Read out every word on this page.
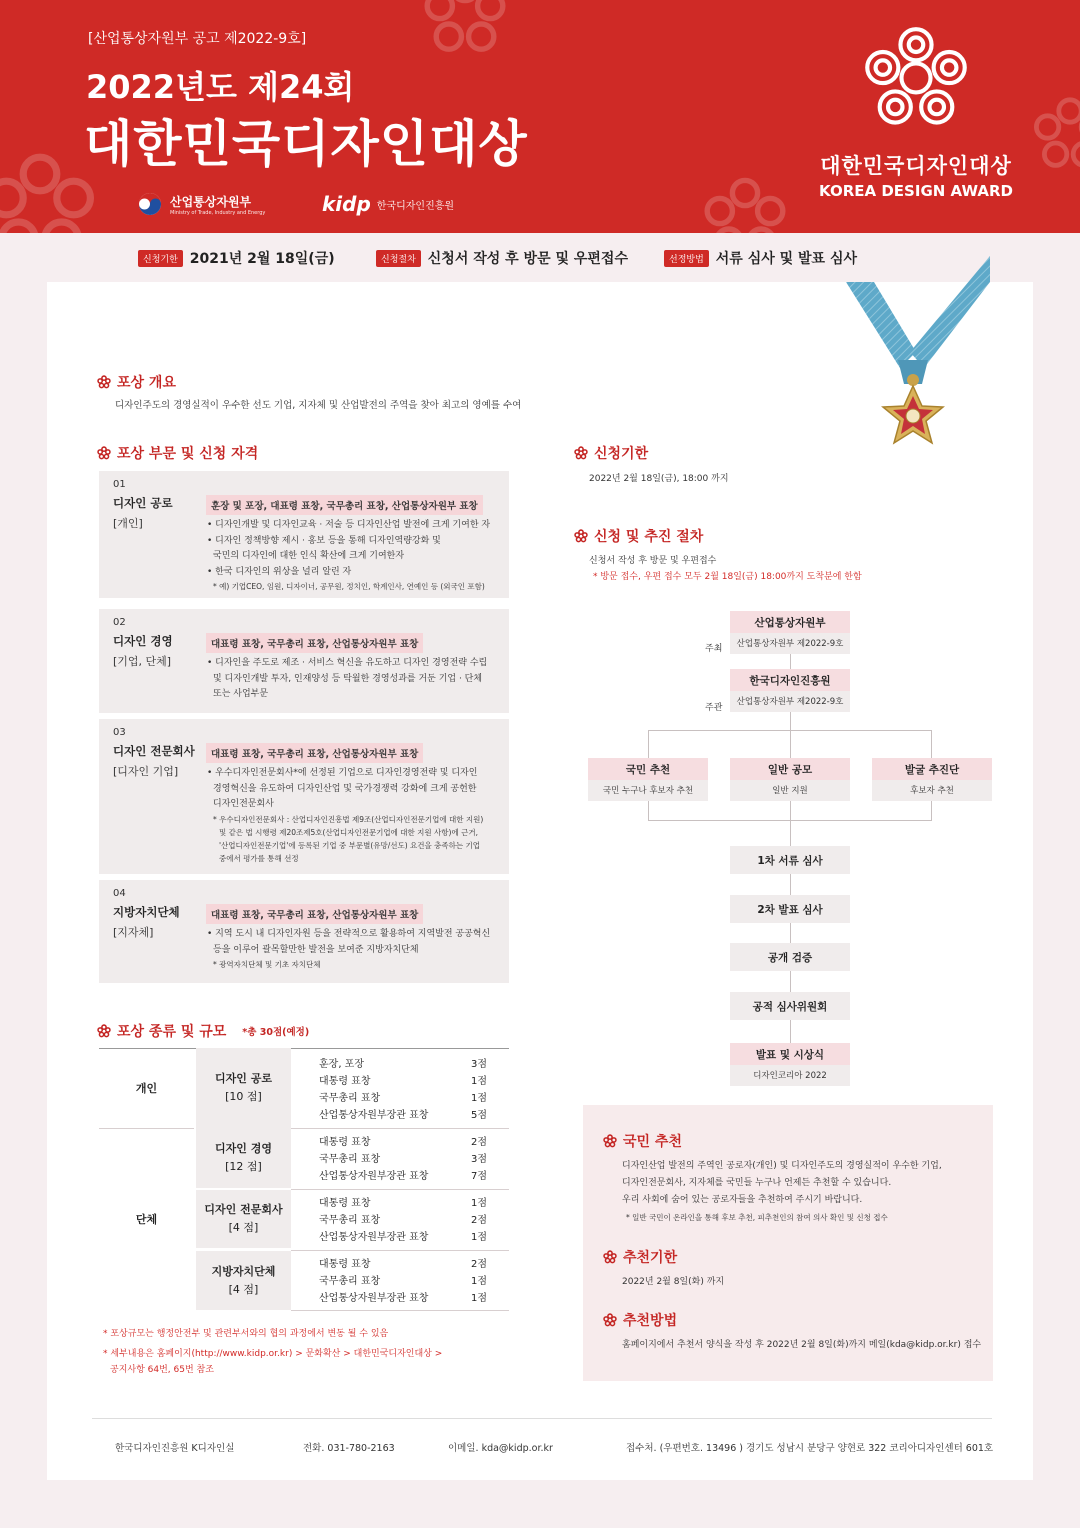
[산업통상자원부 공고 제2022-9호]
2022년도 제24회
대한민국디자인대상
산업통상자원부
Ministry of Trade, Industry and Energy	kidp 한국디자인진흥원
대한민국디자인대상
KOREA DESIGN AWARD
신청기한 2021년 2월 18일(금)	신청절차 신청서 작성 후 방문 및 우편접수	선정방법 서류 심사 및 발표 심사
포상 개요
디자인주도의 경영실적이 우수한 선도 기업, 지자체 및 산업발전의 주역을 찾아 최고의 영예를 수여
포상 부문 및 신청 자격
01
디자인 공로
[개인]
훈장 및 포장, 대표령 표창, 국무총리 표창, 산업통상자원부 표창
• 디자인개발 및 디자인교육 · 저술 등 디자인산업 발전에 크게 기여한 자
• 디자인 정책방향 제시 · 홍보 등을 통해 디자인역량강화 및
국민의 디자인에 대한 인식 확산에 크게 기여한자
• 한국 디자인의 위상을 널리 알린 자
* 예) 기업CEO, 임원, 디자이너, 공무원, 정치인, 학계인사, 연예인 등 (외국인 포함)
02
디자인 경영
[기업, 단체]
대표령 표창, 국무총리 표창, 산업통상자원부 표창
• 디자인을 주도로 제조 · 서비스 혁신을 유도하고 디자인 경영전략 수립
및 디자인개발 투자, 인재양성 등 탁월한 경영성과를 거둔 기업 · 단체
또는 사업부문
03
디자인 전문회사
[디자인 기업]
대표령 표창, 국무총리 표창, 산업통상자원부 표창
• 우수디자인전문회사*에 선정된 기업으로 디자인경영전략 및 디자인
경영혁신을 유도하여 디자인산업 및 국가경쟁력 강화에 크게 공헌한
디자인전문회사
* 우수디자인전문회사 : 산업디자인진흥법 제9조(산업디자인전문기업에 대한 지원)
및 같은 법 시행령 제20조제5호(산업디자인전문기업에 대한 지원 사항)에 근거,
'산업디자인전문기업'에 등록된 기업 중 부문별(유망/선도) 요건을 충족하는 기업
중에서 평가를 통해 선정
04
지방자치단체
[지자체]
대표령 표창, 국무총리 표창, 산업통상자원부 표창
• 지역 도시 내 디자인자원 등을 전략적으로 활용하여 지역발전 공공혁신
등을 이루어 괄목할만한 발전을 보여준 지방자치단체
* 광역자치단체 및 기초 자치단체
포상 종류 및 규모 *총 30점(예정)
개인
단체
디자인 공로
[10 점]
훈장, 포장	3점
대통령 표창	1점
국무총리 표창	1점
산업통상자원부장관 표창	5점
디자인 경영
[12 점]
대통령 표창	2점
국무총리 표창	3점
산업통상자원부장관 표창	7점
디자인 전문회사
[4 점]
대통령 표창	1점
국무총리 표창	2점
산업통상자원부장관 표창	1점
지방자치단체
[4 점]
대통령 표창	2점
국무총리 표창	1점
산업통상자원부장관 표창	1점
* 포상규모는 행정안전부 및 관련부서와의 협의 과정에서 변동 될 수 있음
* 세부내용은 홈페이지(http://www.kidp.or.kr) > 문화확산 > 대한민국디자인대상 >
공지사항 64번, 65번 참조
신청기한
2022년 2월 18일(금), 18:00 까지
신청 및 추진 절차
신청서 작성 후 방문 및 우편접수
* 방문 접수, 우편 접수 모두 2월 18일(금) 18:00까지 도착분에 한함
주최
주관
산업통상자원부
산업통상자원부 제2022-9호
한국디자인진흥원
산업통상자원부 제2022-9호
국민 추천
국민 누구나 후보자 추천
일반 공모
일반 지원
발굴 추진단
후보자 추천
1차 서류 심사
2차 발표 심사
공개 검증
공적 심사위원회
발표 및 시상식
디자인코리아 2022
국민 추천
디자인산업 발전의 주역인 공로자(개인) 및 디자인주도의 경영실적이 우수한 기업,
디자인전문회사, 지자체를 국민들 누구나 언제든 추천할 수 있습니다.
우리 사회에 숨어 있는 공로자들을 추천하여 주시기 바랍니다.
* 일반 국민이 온라인을 통해 후보 추천, 피추천인의 참여 의사 확인 및 신청 접수
추천기한
2022년 2월 8일(화) 까지
추천방법
홈페이지에서 추천서 양식을 작성 후 2022년 2월 8일(화)까지 메일(kda@kidp.or.kr) 접수
한국디자인진흥원 K디자인실	전화. 031-780-2163	이메일. kda@kidp.or.kr	접수처. (우편번호. 13496 ) 경기도 성남시 분당구 양현로 322 코리아디자인센터 601호
